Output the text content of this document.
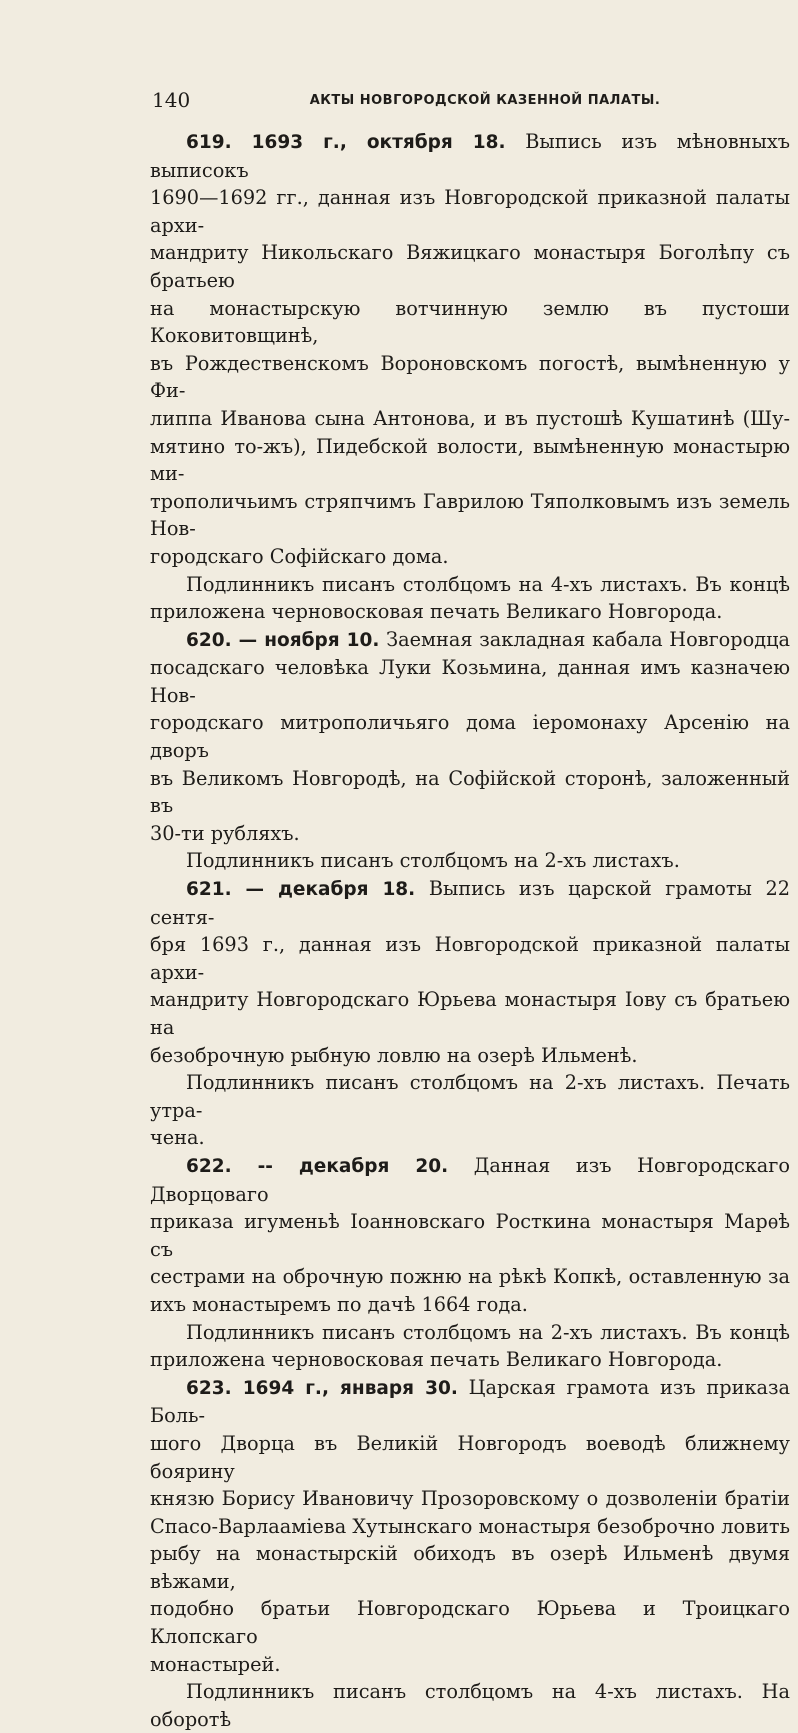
140	АКТЫ НОВГОРОДСКОЙ КАЗЕННОЙ ПАЛАТЫ.

619. 1693 г., октября 18. Выпись изъ мѣновныхъ выписокъ

1690—1692 гг., данная изъ Новгородской приказной палаты архи-

мандриту Никольскаго Вяжицкаго монастыря Боголѣпу съ братьею

на монастырскую вотчинную землю въ пустоши Коковитовщинѣ,

въ Рождественскомъ Вороновскомъ погостѣ, вымѣненную у Фи-

липпа Иванова сына Антонова, и въ пустошѣ Кушатинѣ (Шу-

мятино то-жъ), Пидебской волости, вымѣненную монастырю ми-

трополичьимъ стряпчимъ Гаврилою Тяполковымъ изъ земель Нов-

городскаго Софійскаго дома.

Подлинникъ писанъ столбцомъ на 4-хъ листахъ. Въ концѣ

приложена черновосковая печать Великаго Новгорода.

620. — ноября 10. Заемная закладная кабала Новгородца

посадскаго человѣка Луки Козьмина, данная имъ казначею Нов-

городскаго митрополичьяго дома іеромонаху Арсенію на дворъ

въ Великомъ Новгородѣ, на Софійской сторонѣ, заложенный въ

30-ти рубляхъ.

Подлинникъ писанъ столбцомъ на 2-хъ листахъ.

621. — декабря 18. Выпись изъ царской грамоты 22 сентя-

бря 1693 г., данная изъ Новгородской приказной палаты архи-

мандриту Новгородскаго Юрьева монастыря Іову съ братьею на

безоброчную рыбную ловлю на озерѣ Ильменѣ.

Подлинникъ писанъ столбцомъ на 2-хъ листахъ. Печать утра-

чена.

622. -- декабря 20. Данная изъ Новгородскаго Дворцоваго

приказа игуменьѣ Іоанновскаго Росткина монастыря Марѳѣ съ

сестрами на оброчную пожню на рѣкѣ Копкѣ, оставленную за

ихъ монастыремъ по дачѣ 1664 года.

Подлинникъ писанъ столбцомъ на 2-хъ листахъ. Въ концѣ

приложена черновосковая печать Великаго Новгорода.

623. 1694 г., января 30. Царская грамота изъ приказа Боль-

шого Дворца въ Великій Новгородъ воеводѣ ближнему боярину

князю Борису Ивановичу Прозоровскому о дозволеніи братіи

Спасо-Варлааміева Хутынскаго монастыря безоброчно ловить

рыбу на монастырскій обиходъ въ озерѣ Ильменѣ двумя вѣжами,

подобно братьи Новгородскаго Юрьева и Троицкаго Клопскаго

монастырей.

Подлинникъ писанъ столбцомъ на 4-хъ листахъ. На оборотѣ
